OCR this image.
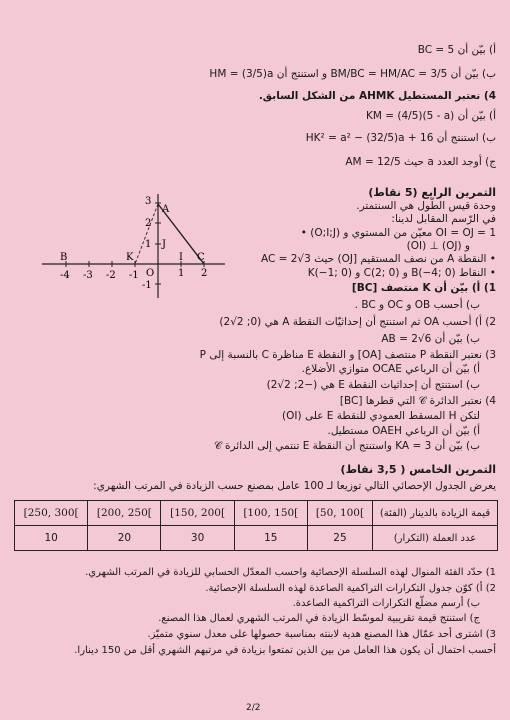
أ) بيّن أن BC = 5
ب) بيّن أن BM/BC = HM/AC = 3/5 و استنتج أن HM = (3/5)a
4) نعتبر المستطيل AHMK من الشكل السابق.
أ) بيّن أن KM = (4/5)(5 - a)
ب) استنتج أن HK² = a² − (32/5)a + 16
ج) أوجد العدد a حيث AM = 12/5
التمرين الرابع (5 نقاط)
وحدة قيس الطّول هي السنتمتر.
في الرّسم المقابل لدينا:
• (O;I;J) معيّن من المستوي و OI = OJ = 1
(OI) ⊥ (OJ) و
• النقطة A من نصف المستقيم [OJ) حيث AC = 2√3
• النقاط B(−4; 0) و C(2; 0) و K(−1; 0)
1) أ) بيّن أن K منتصف [BC]
ب) أحسب OB و OC و BC .
2) أ) أحسب OA ثم استنتج أن إحداثيّات النقطة A هي (0; 2√2)
ب) بيّن أن AB = 2√6
3) نعتبر النقطة P منتصف [OA] و النقطة E مناظرة C بالنسبة إلى P
أ) بيّن أن الرباعي OCAE متوازي الأضلاع.
ب) استنتج أن إحداثيات النقطة E هي (−2; 2√2)
4) نعتبر الدائرة 𝒞 التي قطرها [BC]
لتكن H المسقط العمودي للنقطة E على (OI)
أ) بيّن أن الرباعي OAEH مستطيل.
ب) بيّن أن KA = 3 واستنتج أن النقطة E تنتمي إلى الدائرة 𝒞
-4 -3 -2 -1 O 1 2
3
2
1
-1
A
B	K	I C
J
التمرين الخامس ( 3,5 نقاط)
يعرض الجدول الإحصائي التالي توزيعا لـ 100 عامل بمصنع حسب الزيادة في المرتب الشهري:
قيمة الزيادة بالدينار (الفئة)	[50, 100[	[100, 150[	[150, 200[	[200, 250[	[250, 300[
عدد العملة (التكرار)	25	15	30	20	10
1) حدّد الفئة المنوال لهذه السلسلة الإحصائية واحسب المعدّل الحسابي للزيادة في المرتب الشهري.
2) أ) كوّن جدول التكرارات التراكمية الصاعدة لهذه السلسلة الإحصائية.
ب) أرسم مضلّع التكرارات التراكمية الصاعدة.
ج) استنتج قيمة تقريبية لموسّط الزيادة في المرتب الشهري لعمال هذا المصنع.
3) اشترى أحد عمّال هذا المصنع هدية لابنته بمناسبة حصولها على معدل سنوي متميّز.
أحسب احتمال أن يكون هذا العامل من بين الذين تمتعوا بزيادة في مرتبهم الشهري أقل من 150 دينارا.
2/2
